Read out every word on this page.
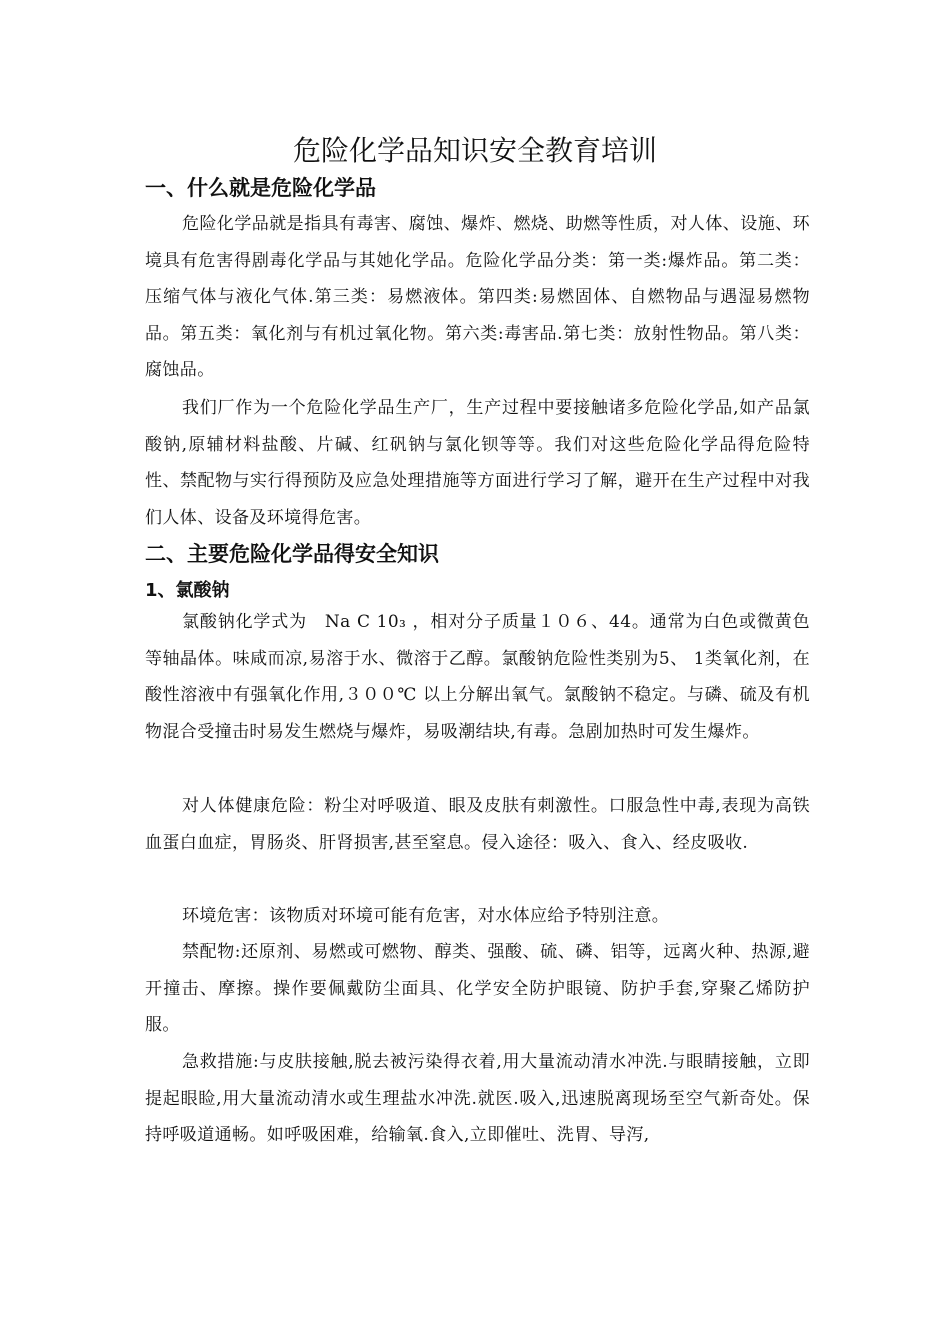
危险化学品知识安全教育培训
一、什么就是危险化学品

危险化学品就是指具有毒害、腐蚀、爆炸、燃烧、助燃等性质，对人体、设施、环境具有危害得剧毒化学品与其她化学品。危险化学品分类：第一类:爆炸品。第二类：压缩气体与液化气体.第三类：易燃液体。第四类:易燃固体、自燃物品与遇湿易燃物品。第五类：氧化剂与有机过氧化物。第六类:毒害品.第七类：放射性物品。第八类：腐蚀品。

我们厂作为一个危险化学品生产厂，生产过程中要接触诸多危险化学品,如产品氯酸钠,原辅材料盐酸、片碱、红矾钠与氯化钡等等。我们对这些危险化学品得危险特性、禁配物与实行得预防及应急处理措施等方面进行学习了解，避开在生产过程中对我们人体、设备及环境得危害。

二、主要危险化学品得安全知识
1、氯酸钠

氯酸钠化学式为　Na C 10₃ ，相对分子质量１０６、44。通常为白色或微黄色等轴晶体。味咸而凉,易溶于水、微溶于乙醇。氯酸钠危险性类别为5、 1类氧化剂，在酸性溶液中有强氧化作用,３００℃ 以上分解出氧气。氯酸钠不稳定。与磷、硫及有机物混合受撞击时易发生燃烧与爆炸，易吸潮结块,有毒。急剧加热时可发生爆炸。

对人体健康危险：粉尘对呼吸道、眼及皮肤有刺激性。口服急性中毒,表现为高铁血蛋白血症，胃肠炎、肝肾损害,甚至窒息。侵入途径：吸入、食入、经皮吸收.

环境危害：该物质对环境可能有危害，对水体应给予特别注意。

禁配物:还原剂、易燃或可燃物、醇类、强酸、硫、磷、铝等，远离火种、热源,避开撞击、摩擦。操作要佩戴防尘面具、化学安全防护眼镜、防护手套,穿聚乙烯防护服。

急救措施:与皮肤接触,脱去被污染得衣着,用大量流动清水冲洗.与眼睛接触，立即提起眼睑,用大量流动清水或生理盐水冲洗.就医.吸入,迅速脱离现场至空气新奇处。保持呼吸道通畅。如呼吸困难，给输氧.食入,立即催吐、洗胃、导泻,
